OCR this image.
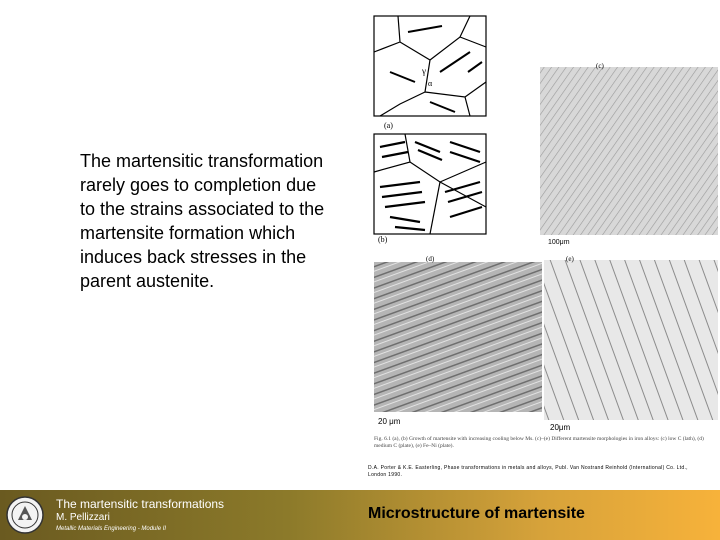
The martensitic transformation rarely goes to completion due to the strains associated to the martensite formation which induces back stresses in the parent austenite.
(a)
γ
α
(b)
(c)
100μm
(d)
20 μm
(e)
20μm
Fig. 6.1 (a), (b) Growth of martensite with increasing cooling below Ms. (c)–(e) Different martensite morphologies in iron alloys: (c) low C (lath), (d) medium C (plate), (e) Fe–Ni (plate).
D.A. Porter & K.E. Easterling, Phase transformations in metals and alloys, Publ. Van Nostrand Reinhold (International) Co. Ltd., London 1990.
The martensitic transformations
M. Pellizzari
Metallic Materials Engineering - Module II
Microstructure of martensite
